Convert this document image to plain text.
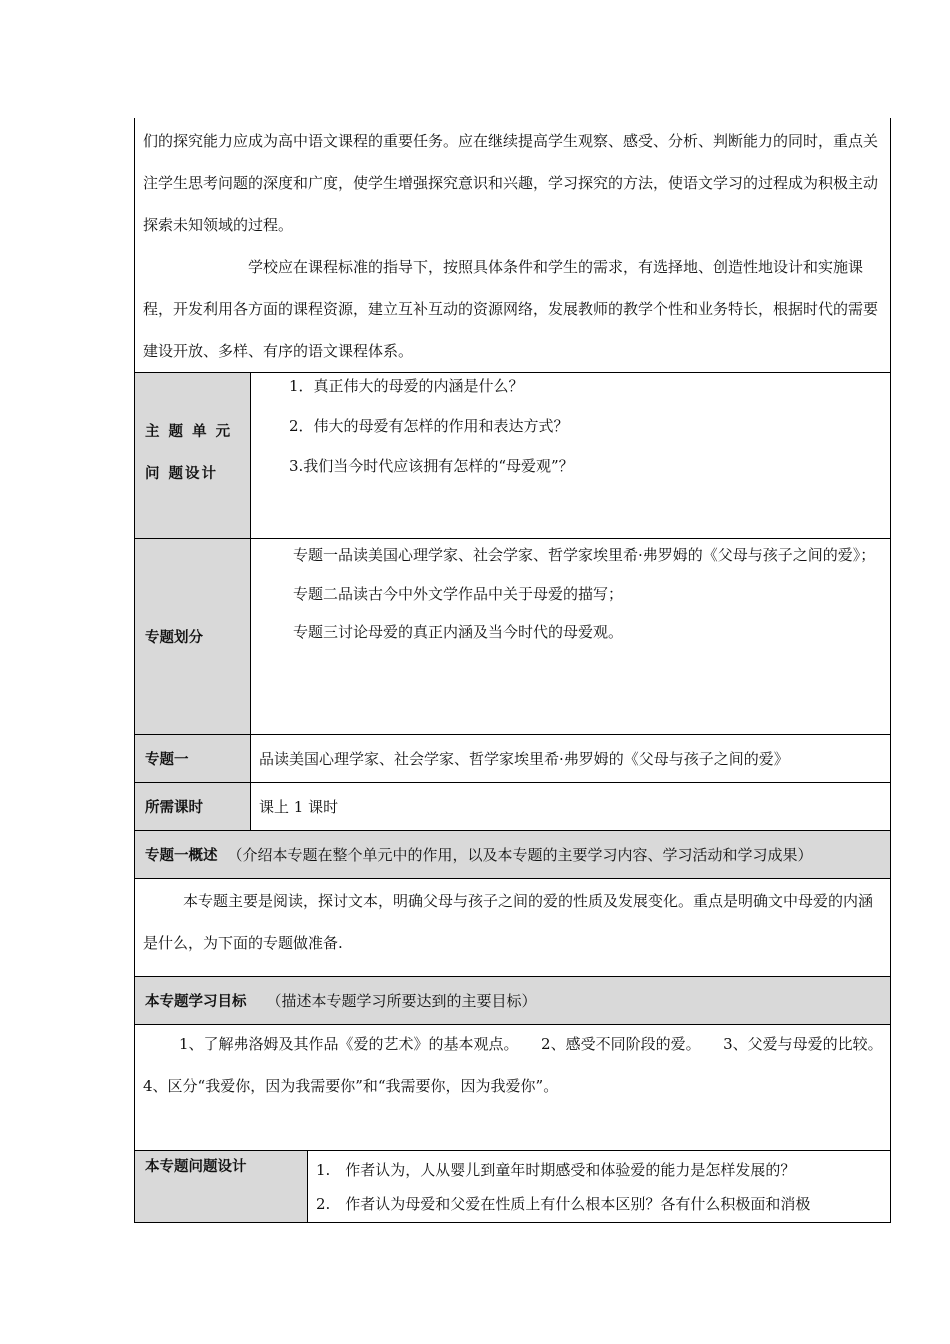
们的探究能力应成为高中语文课程的重要任务。应在继续提高学生观察、感受、分析、判断能力的同时，重点关注学生思考问题的深度和广度，使学生增强探究意识和兴趣，学习探究的方法，使语文学习的过程成为积极主动探索未知领域的过程。

学校应在课程标准的指导下，按照具体条件和学生的需求，有选择地、创造性地设计和实施课程，开发利用各方面的课程资源，建立互补互动的资源网络，发展教师的教学个性和业务特长，根据时代的需要建设开放、多样、有序的语文课程体系。		

主 题 单 元 问 题设计	1．真正伟大的母爱的内涵是什么？

2．伟大的母爱有怎样的作用和表达方式？

3.我们当今时代应该拥有怎样的“母爱观”？	

专题划分	专题一品读美国心理学家、社会学家、哲学家埃里希·弗罗姆的《父母与孩子之间的爱》；

专题二品读古今中外文学作品中关于母爱的描写；

专题三讨论母爱的真正内涵及当今时代的母爱观。	

专题一	品读美国心理学家、社会学家、哲学家埃里希·弗罗姆的《父母与孩子之间的爱》	

所需课时	课上 1 课时	

专题一概述 （介绍本专题在整个单元中的作用，以及本专题的主要学习内容、学习活动和学习成果）		

本专题主要是阅读，探讨文本，明确父母与孩子之间的爱的性质及发展变化。重点是明确文中母爱的内涵是什么，为下面的专题做准备.		

本专题学习目标 （描述本专题学习所要达到的主要目标）		

1、了解弗洛姆及其作品《爱的艺术》的基本观点。　　2、感受不同阶段的爱。　　3、父爱与母爱的比较。　　4、区分“我爱你，因为我需要你”和“我需要你，因为我爱你”。		

本专题问题设计		1.　作者认为，人从婴儿到童年时期感受和体验爱的能力是怎样发展的？

2.　作者认为母爱和父爱在性质上有什么根本区别？各有什么积极面和消极
